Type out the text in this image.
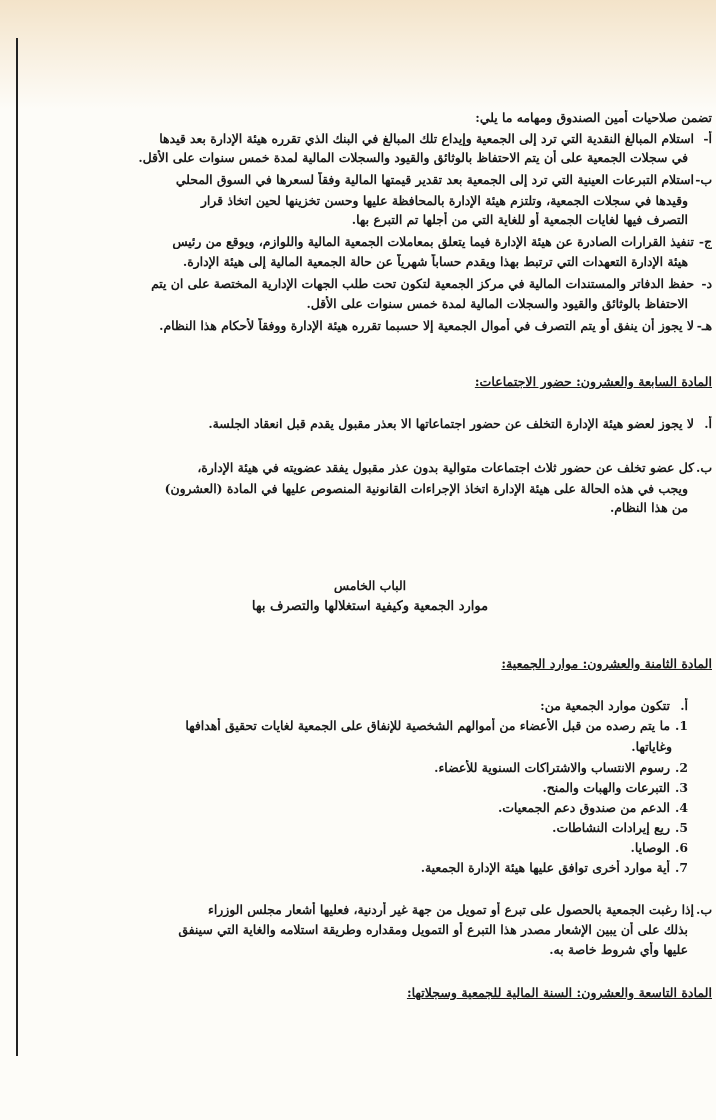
تضمن صلاحيات أمين الصندوق ومهامه ما يلي:
أ-استلام المبالغ النقدية التي ترد إلى الجمعية وإيداع تلك المبالغ في البنك الذي تقرره هيئة الإدارة بعد قيدها
في سجلات الجمعية على أن يتم الاحتفاظ بالوثائق والقيود والسجلات المالية لمدة خمس سنوات على الأقل.
ب-استلام التبرعات العينية التي ترد إلى الجمعية بعد تقدير قيمتها المالية وفقاً لسعرها في السوق المحلي
وقيدها في سجلات الجمعية، وتلتزم هيئة الإدارة بالمحافظة عليها وحسن تخزينها لحين اتخاذ قرار
التصرف فيها لغايات الجمعية أو للغاية التي من أجلها تم التبرع بها.
ج-تنفيذ القرارات الصادرة عن هيئة الإدارة فيما يتعلق بمعاملات الجمعية المالية واللوازم، ويوقع من رئيس
هيئة الإدارة التعهدات التي ترتبط بهذا ويقدم حساباً شهرياً عن حالة الجمعية المالية إلى هيئة الإدارة.
د-حفظ الدفاتر والمستندات المالية في مركز الجمعية لتكون تحت طلب الجهات الإدارية المختصة على ان يتم
الاحتفاظ بالوثائق والقيود والسجلات المالية لمدة خمس سنوات على الأقل.
هـ-لا يجوز أن ينفق أو يتم التصرف في أموال الجمعية إلا حسبما تقرره هيئة الإدارة ووفقاً لأحكام هذا النظام.
المادة السابعة والعشرون: حضور الاجتماعات:
أ.لا يجوز لعضو هيئة الإدارة التخلف عن حضور اجتماعاتها الا بعذر مقبول يقدم قبل انعقاد الجلسة.
ب.كل عضو تخلف عن حضور ثلاث اجتماعات متوالية بدون عذر مقبول يفقد عضويته في هيئة الإدارة،
ويجب في هذه الحالة على هيئة الإدارة اتخاذ الإجراءات القانونية المنصوص عليها في المادة (العشرون)
من هذا النظام.
الباب الخامس
موارد الجمعية وكيفية استغلالها والتصرف بها
المادة الثامنة والعشرون: موارد الجمعية:
أ.تتكون موارد الجمعية من:
1.ما يتم رصده من قبل الأعضاء من أموالهم الشخصية للإنفاق على الجمعية لغايات تحقيق أهدافها
وغاياتها.
2.رسوم الانتساب والاشتراكات السنوية للأعضاء.
3.التبرعات والهبات والمنح.
4.الدعم من صندوق دعم الجمعيات.
5.ريع إيرادات النشاطات.
6.الوصايا.
7.أية موارد أخرى توافق عليها هيئة الإدارة الجمعية.
ب.إذا رغبت الجمعية بالحصول على تبرع أو تمويل من جهة غير أردنية، فعليها أشعار مجلس الوزراء
بذلك على أن يبين الإشعار مصدر هذا التبرع أو التمويل ومقداره وطريقة استلامه والغاية التي سينفق
عليها وأي شروط خاصة به.
المادة التاسعة والعشرون: السنة المالية للجمعية وسجلاتها:
